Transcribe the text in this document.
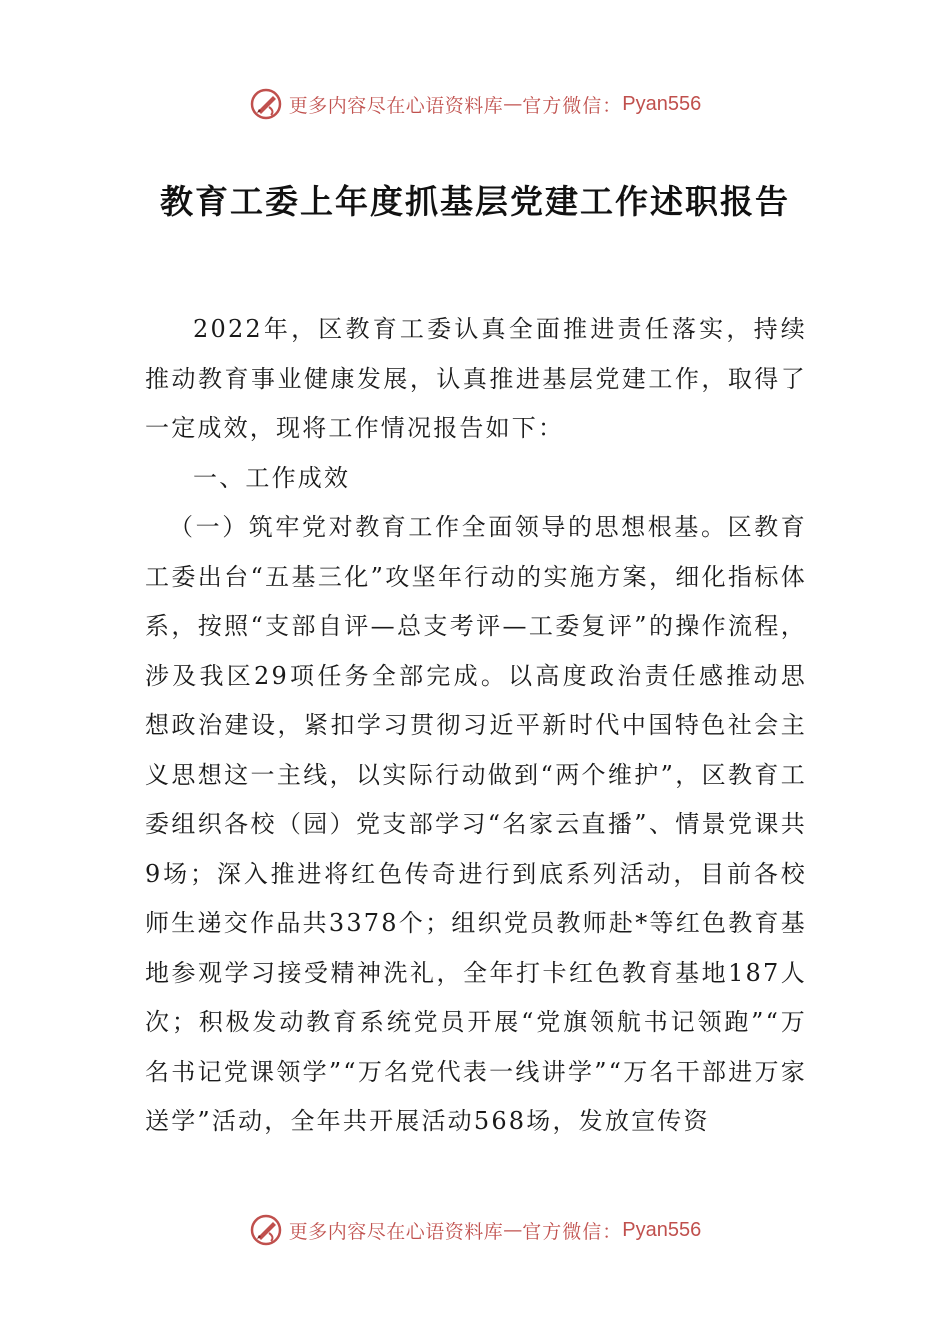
更多内容尽在心语资料库 — 官方微信： Pyan556
教育工委上年度抓基层党建工作述职报告

2022年，区教育工委认真全面推进责任落实，持续推动教育事业健康发展，认真推进基层党建工作，取得了一定成效，现将工作情况报告如下：

一、工作成效

（一）筑牢党对教育工作全面领导的思想根基。区教育工委出台“五基三化”攻坚年行动的实施方案，细化指标体系，按照“支部自评—总支考评—工委复评”的操作流程，涉及我区29项任务全部完成。以高度政治责任感推动思想政治建设，紧扣学习贯彻习近平新时代中国特色社会主义思想这一主线，以实际行动做到“两个维护”，区教育工委组织各校（园）党支部学习“名家云直播”、情景党课共9场；深入推进将红色传奇进行到底系列活动，目前各校师生递交作品共3378个；组织党员教师赴*等红色教育基地参观学习接受精神洗礼，全年打卡红色教育基地187人次；积极发动教育系统党员开展“党旗领航书记领跑”“万名书记党课领学”“万名党代表一线讲学”“万名干部进万家送学”活动，全年共开展活动568场，发放宣传资

更多内容尽在心语资料库 — 官方微信： Pyan556
